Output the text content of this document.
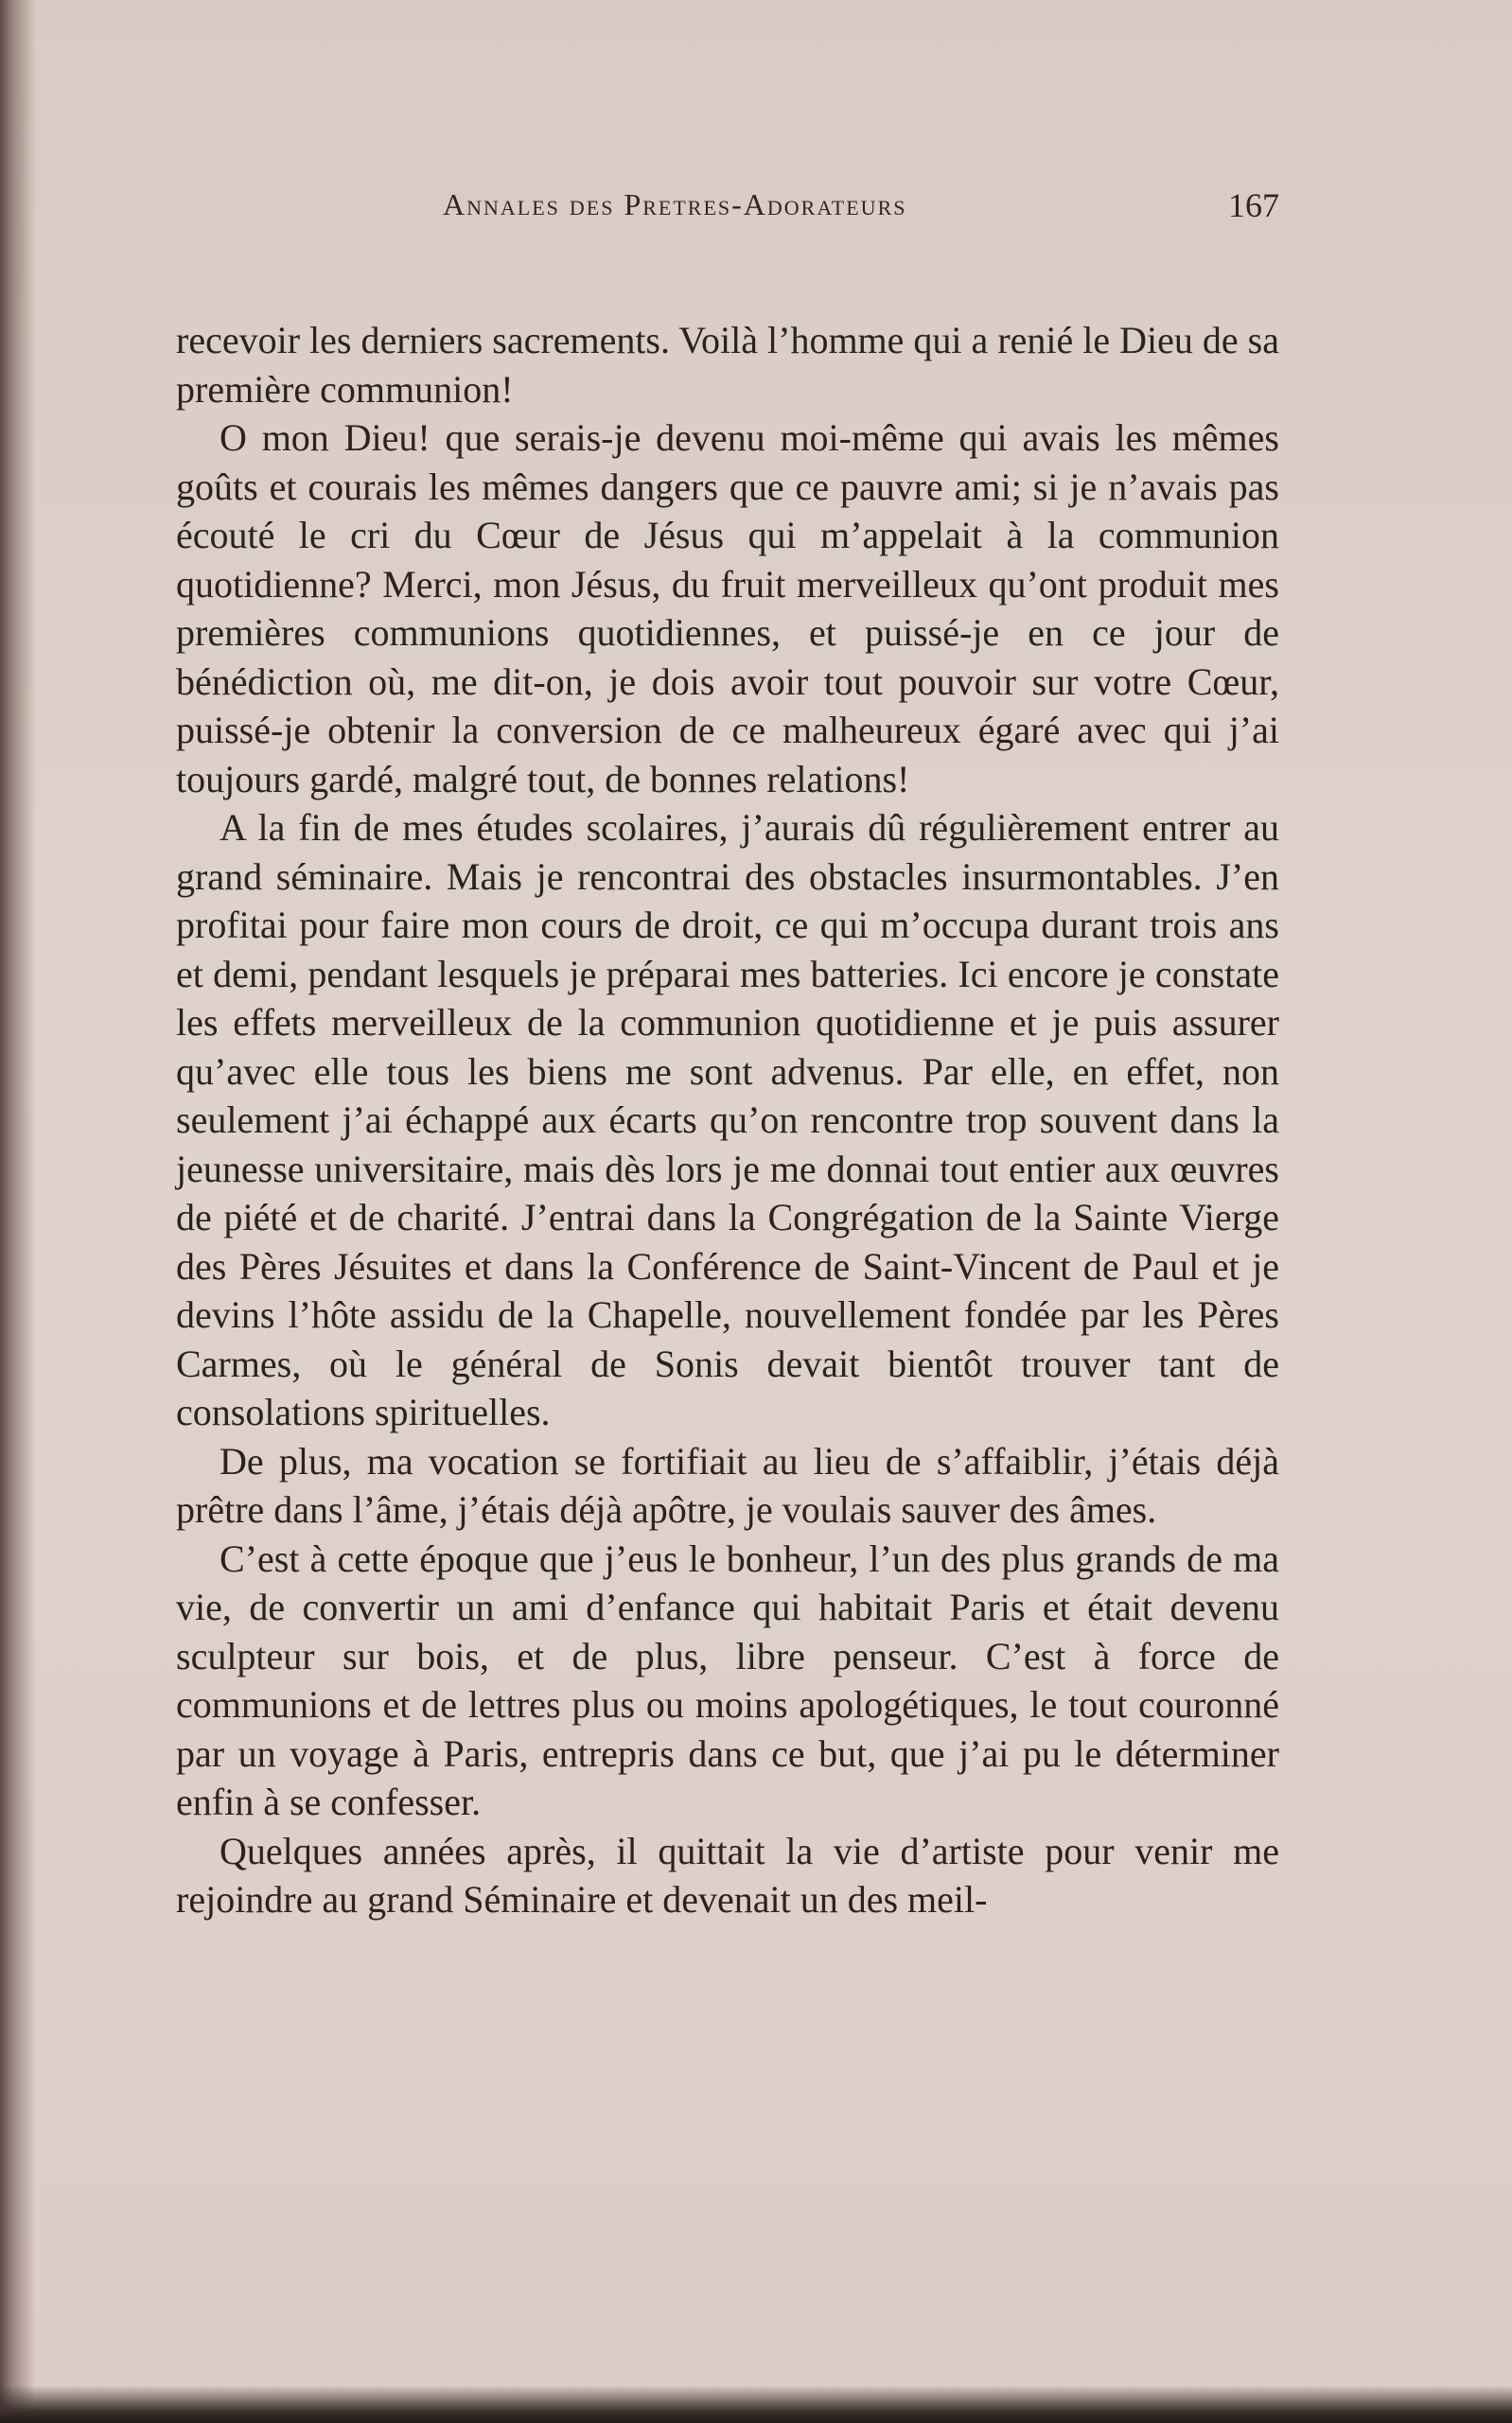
Annales des Pretres-Adorateurs	167

recevoir les derniers sacrements. Voilà l’homme qui a renié le Dieu de sa première communion!

O mon Dieu! que serais-je devenu moi-même qui avais les mêmes goûts et courais les mêmes dangers que ce pauvre ami; si je n’avais pas écouté le cri du Cœur de Jésus qui m’appelait à la communion quotidienne? Merci, mon Jésus, du fruit merveilleux qu’ont produit mes premières communions quotidiennes, et puissé-je en ce jour de bénédiction où, me dit-on, je dois avoir tout pouvoir sur votre Cœur, puissé-je obtenir la conversion de ce malheureux égaré avec qui j’ai toujours gardé, malgré tout, de bonnes relations!

A la fin de mes études scolaires, j’aurais dû régulièrement entrer au grand séminaire. Mais je rencontrai des obstacles insurmontables. J’en profitai pour faire mon cours de droit, ce qui m’occupa durant trois ans et demi, pendant lesquels je préparai mes batteries. Ici encore je constate les effets merveilleux de la communion quotidienne et je puis assurer qu’avec elle tous les biens me sont advenus. Par elle, en effet, non seulement j’ai échappé aux écarts qu’on rencontre trop souvent dans la jeunesse universitaire, mais dès lors je me donnai tout entier aux œuvres de piété et de charité. J’entrai dans la Congrégation de la Sainte Vierge des Pères Jésuites et dans la Conférence de Saint-Vincent de Paul et je devins l’hôte assidu de la Chapelle, nouvellement fondée par les Pères Carmes, où le général de Sonis devait bientôt trouver tant de consolations spirituelles.

De plus, ma vocation se fortifiait au lieu de s’affaiblir, j’étais déjà prêtre dans l’âme, j’étais déjà apôtre, je voulais sauver des âmes.

C’est à cette époque que j’eus le bonheur, l’un des plus grands de ma vie, de convertir un ami d’enfance qui habitait Paris et était devenu sculpteur sur bois, et de plus, libre penseur. C’est à force de communions et de lettres plus ou moins apologétiques, le tout couronné par un voyage à Paris, entrepris dans ce but, que j’ai pu le déterminer enfin à se confesser.

Quelques années après, il quittait la vie d’artiste pour venir me rejoindre au grand Séminaire et devenait un des meil-
